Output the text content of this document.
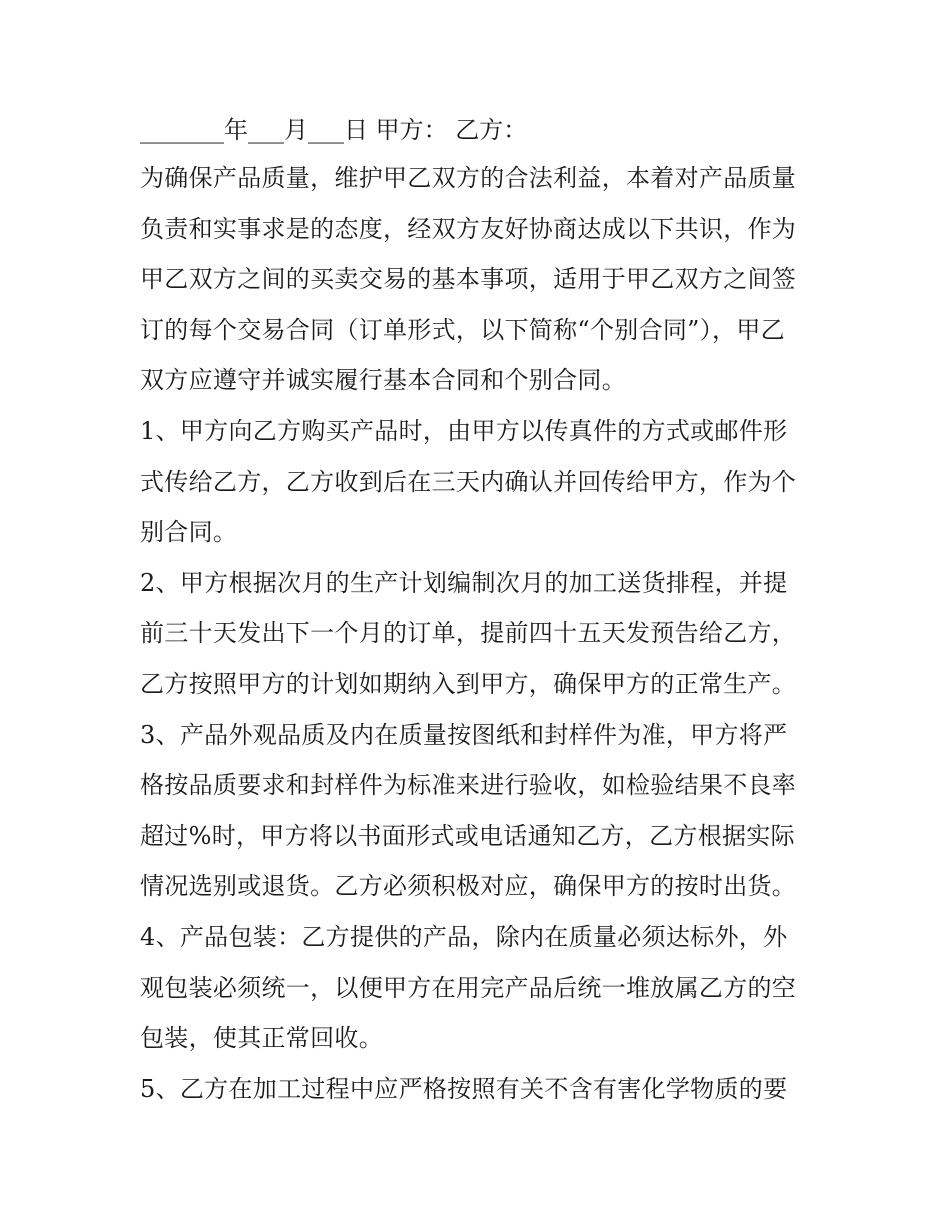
_______年___月___日 甲方： 乙方：
为确保产品质量，维护甲乙双方的合法利益，本着对产品质量
负责和实事求是的态度，经双方友好协商达成以下共识，作为
甲乙双方之间的买卖交易的基本事项，适用于甲乙双方之间签
订的每个交易合同（订单形式，以下简称“个别合同”），甲乙
双方应遵守并诚实履行基本合同和个别合同。
1、甲方向乙方购买产品时，由甲方以传真件的方式或邮件形
式传给乙方，乙方收到后在三天内确认并回传给甲方，作为个
别合同。
2、甲方根据次月的生产计划编制次月的加工送货排程，并提
前三十天发出下一个月的订单，提前四十五天发预告给乙方，
乙方按照甲方的计划如期纳入到甲方，确保甲方的正常生产。
3、产品外观品质及内在质量按图纸和封样件为准，甲方将严
格按品质要求和封样件为标准来进行验收，如检验结果不良率
超过%时，甲方将以书面形式或电话通知乙方，乙方根据实际
情况选别或退货。乙方必须积极对应，确保甲方的按时出货。
4、产品包装：乙方提供的产品，除内在质量必须达标外，外
观包装必须统一，以便甲方在用完产品后统一堆放属乙方的空
包装，使其正常回收。
5、乙方在加工过程中应严格按照有关不含有害化学物质的要
